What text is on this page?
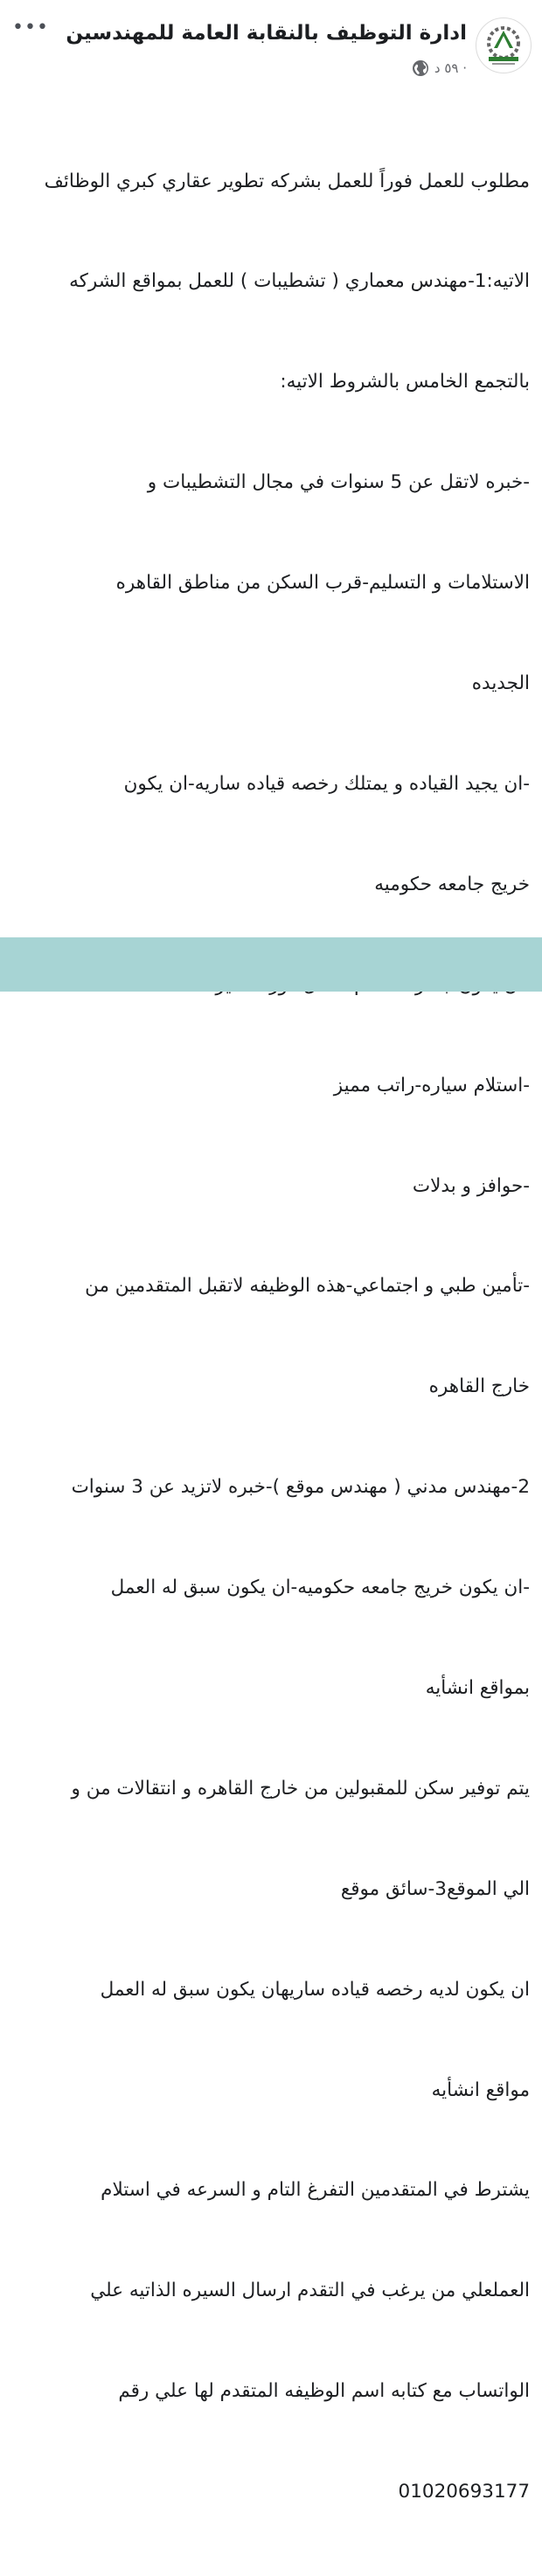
ادارة التوظيف بالنقابة العامة للمهندسين
٥٩ د ·
•••

مطلوب للعمل فوراً للعمل بشركه تطوير عقاري كبري الوظائف

الاتيه:1-مهندس معماري ( تشطيبات ) للعمل بمواقع الشركه

بالتجمع الخامس بالشروط الاتيه:

-خبره لاتقل عن 5 سنوات في مجال التشطيبات و

الاستلامات و التسليم-قرب السكن من مناطق القاهره

الجديده

-ان يجيد القياده و يمتلك رخصه قياده ساريه-ان يكون

خريج جامعه حكوميه

-استلام سياره-راتب مميز

-حوافز و بدلات

-تأمين طبي و اجتماعي-هذه الوظيفه لاتقبل المتقدمين من

خارج القاهره

2-مهندس مدني ( مهندس موقع )-خبره لاتزيد عن 3 سنوات

-ان يكون خريج جامعه حكوميه-ان يكون سبق له العمل

بمواقع انشأيه

يتم توفير سكن للمقبولين من خارج القاهره و انتقالات من و

الي الموقع3-سائق موقع

ان يكون لديه رخصه قياده ساريهان يكون سبق له العمل

مواقع انشأيه

يشترط في المتقدمين التفرغ التام و السرعه في استلام

العملعلي من يرغب في التقدم ارسال السيره الذاتيه علي

الواتساب مع كتابه اسم الوظيفه المتقدم لها علي رقم

01020693177
